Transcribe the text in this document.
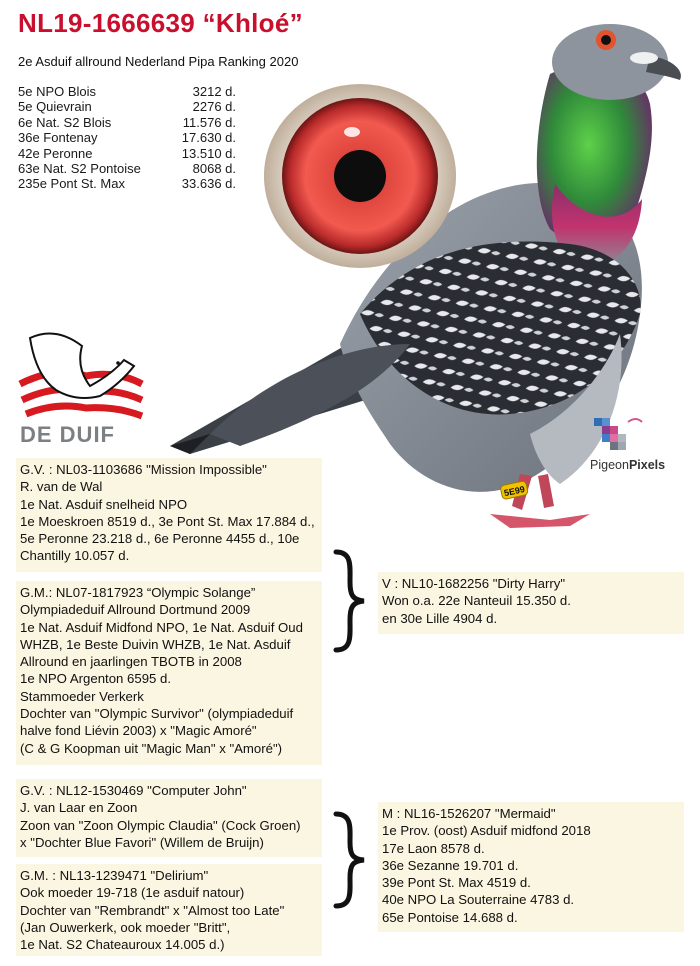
NL19-1666639 “Khloé”
2e Asduif allround Nederland Pipa Ranking 2020
5e NPO Blois	3212 d.
5e Quievrain	2276 d.
6e Nat. S2 Blois	11.576 d.
36e Fontenay	17.630 d.
42e Peronne	13.510 d.
63e Nat. S2 Pontoise	8068 d.
235e Pont St. Max	33.636 d.
5E99
DE DUIF
PigeonPixels
G.V. : NL03-1103686 "Mission Impossible"
R. van de Wal
1e Nat. Asduif snelheid NPO
1e Moeskroen 8519 d., 3e Pont St. Max 17.884 d.,
5e Peronne 23.218 d., 6e Peronne 4455 d., 10e
Chantilly 10.057 d.
G.M.: NL07-1817923 “Olympic Solange”
Olympiadeduif Allround Dortmund 2009
1e Nat. Asduif Midfond NPO, 1e Nat. Asduif Oud
WHZB, 1e Beste Duivin WHZB, 1e Nat. Asduif
Allround en jaarlingen TBOTB in 2008
1e NPO Argenton 6595 d.
Stammoeder Verkerk
Dochter van "Olympic Survivor" (olympiadeduif
halve fond Liévin 2003) x "Magic Amoré"
(C & G Koopman uit "Magic Man" x "Amoré")
V : NL10-1682256 "Dirty Harry"
Won o.a. 22e Nanteuil 15.350 d.
en 30e Lille 4904 d.
G.V. : NL12-1530469 "Computer John"
J. van Laar en Zoon
Zoon van "Zoon Olympic Claudia" (Cock Groen)
x "Dochter Blue Favori" (Willem de Bruijn)
G.M. : NL13-1239471 "Delirium"
Ook moeder 19-718 (1e asduif natour)
Dochter van "Rembrandt" x "Almost too Late"
(Jan Ouwerkerk, ook moeder "Britt",
1e Nat. S2 Chateauroux 14.005 d.)
M : NL16-1526207 "Mermaid"
1e Prov. (oost) Asduif midfond 2018
17e Laon 8578 d.
36e Sezanne 19.701 d.
39e Pont St. Max 4519 d.
40e NPO La Souterraine 4783 d.
65e Pontoise 14.688 d.
